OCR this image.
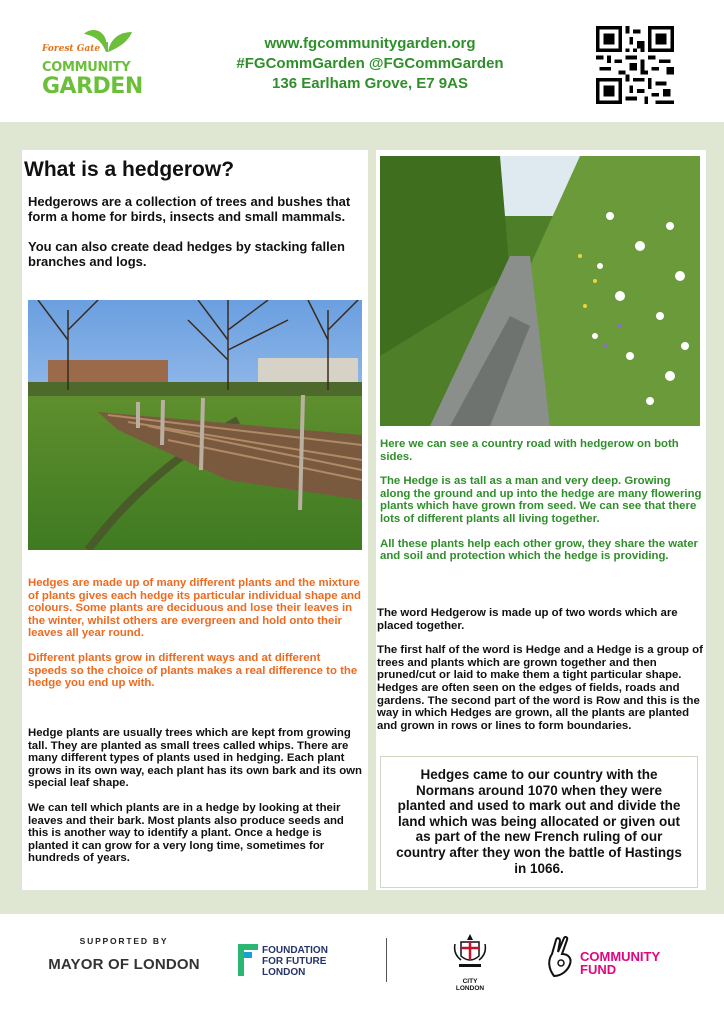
Forest Gate
COMMUNITY
GARDEN
www.fgcommunitygarden.org
#FGCommGarden @FGCommGarden
136 Earlham Grove, E7 9AS
What is a hedgerow?

Hedgerows are a collection of trees and bushes that form a home for birds, insects and small mammals.

You can also create dead hedges by stacking fallen branches and logs.

Hedges are made up of many different plants and the mixture of plants gives each hedge its particular individual shape and colours. Some plants are deciduous and lose their leaves in the winter, whilst others are evergreen and hold onto their leaves all year round.

Different plants grow in different ways and at different speeds so the choice of plants makes a real difference to the hedge you end up with.

Hedge plants are usually trees which are kept from growing tall. They are planted as small trees called whips. There are many different types of plants used in hedging. Each plant grows in its own way, each plant has its own bark and its own special leaf shape.

We can tell which plants are in a hedge by looking at their leaves and their bark. Most plants also produce seeds and this is another way to identify a plant. Once a hedge is planted it can grow for a very long time, sometimes for hundreds of years.

Here we can see a country road with hedgerow on both sides.

The Hedge is as tall as a man and very deep. Growing along the ground and up into the hedge are many flowering plants which have grown from seed. We can see that there lots of different plants all living together.

All these plants help each other grow, they share the water and soil and protection which the hedge is providing.

The word Hedgerow is made up of two words which are placed together.

The first half of the word is Hedge and a Hedge is a group of trees and plants which are grown together and then pruned/cut or laid to make them a tight particular shape. Hedges are often seen on the edges of fields, roads and gardens. The second part of the word is Row and this is the way in which Hedges are grown, all the plants are planted and grown in rows or lines to form boundaries.

Hedges came to our country with the Normans around 1070 when they were planted and used to mark out and divide the land which was being allocated or given out as part of the new French ruling of our country after they won the battle of Hastings in 1066.
SUPPORTED BY
MAYOR OF LONDON
FOUNDATION
FOR FUTURE
LONDON
CITY
LONDON
COMMUNITY
FUND
